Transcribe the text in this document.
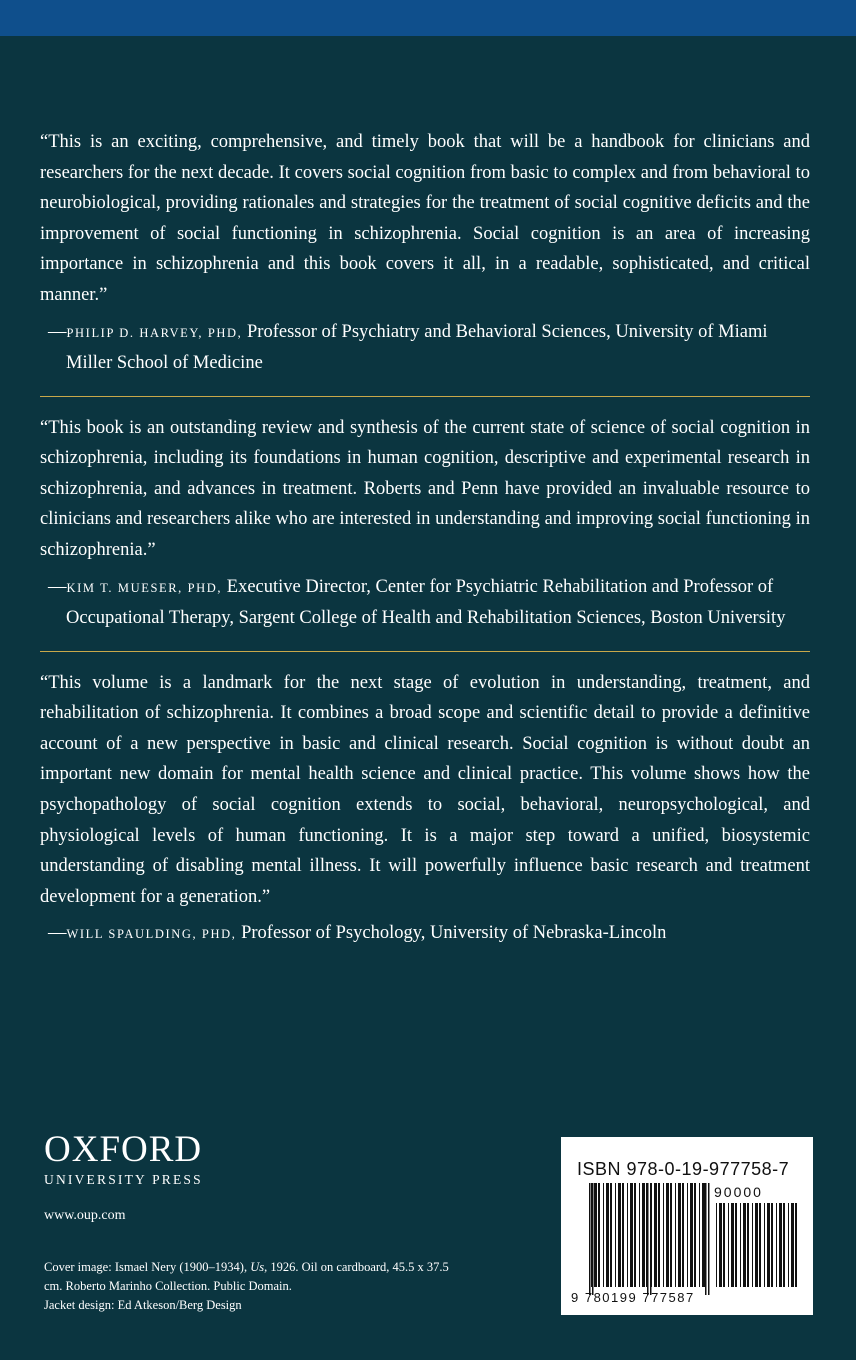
“This is an exciting, comprehensive, and timely book that will be a handbook for clinicians and researchers for the next decade. It covers social cognition from basic to complex and from behavioral to neurobiological, providing rationales and strategies for the treatment of social cognitive deficits and the improvement of social functioning in schizophrenia. Social cognition is an area of increasing importance in schizophrenia and this book covers it all, in a readable, sophisticated, and critical manner.”

—PHILIP D. HARVEY, PHD, Professor of Psychiatry and Behavioral Sciences, University of Miami Miller School of Medicine

“This book is an outstanding review and synthesis of the current state of science of social cognition in schizophrenia, including its foundations in human cognition, descriptive and experimental research in schizophrenia, and advances in treatment. Roberts and Penn have provided an invaluable resource to clinicians and researchers alike who are interested in understanding and improving social functioning in schizophrenia.”

—KIM T. MUESER, PHD, Executive Director, Center for Psychiatric Rehabilitation and Professor of Occupational Therapy, Sargent College of Health and Rehabilitation Sciences, Boston University

“This volume is a landmark for the next stage of evolution in understanding, treatment, and rehabilitation of schizophrenia. It combines a broad scope and scientific detail to provide a definitive account of a new perspective in basic and clinical research. Social cognition is without doubt an important new domain for mental health science and clinical practice. This volume shows how the psychopathology of social cognition extends to social, behavioral, neuropsychological, and physiological levels of human functioning. It is a major step toward a unified, biosystemic understanding of disabling mental illness. It will powerfully influence basic research and treatment development for a generation.”

—WILL SPAULDING, PHD, Professor of Psychology, University of Nebraska-Lincoln

OXFORD
UNIVERSITY PRESS
www.oup.com
Cover image: Ismael Nery (1900–1934), Us, 1926. Oil on cardboard, 45.5 x 37.5 cm. Roberto Marinho Collection. Public Domain.
Jacket design: Ed Atkeson/Berg Design
ISBN 978-0-19-977758-7
90000
9 780199 777587
